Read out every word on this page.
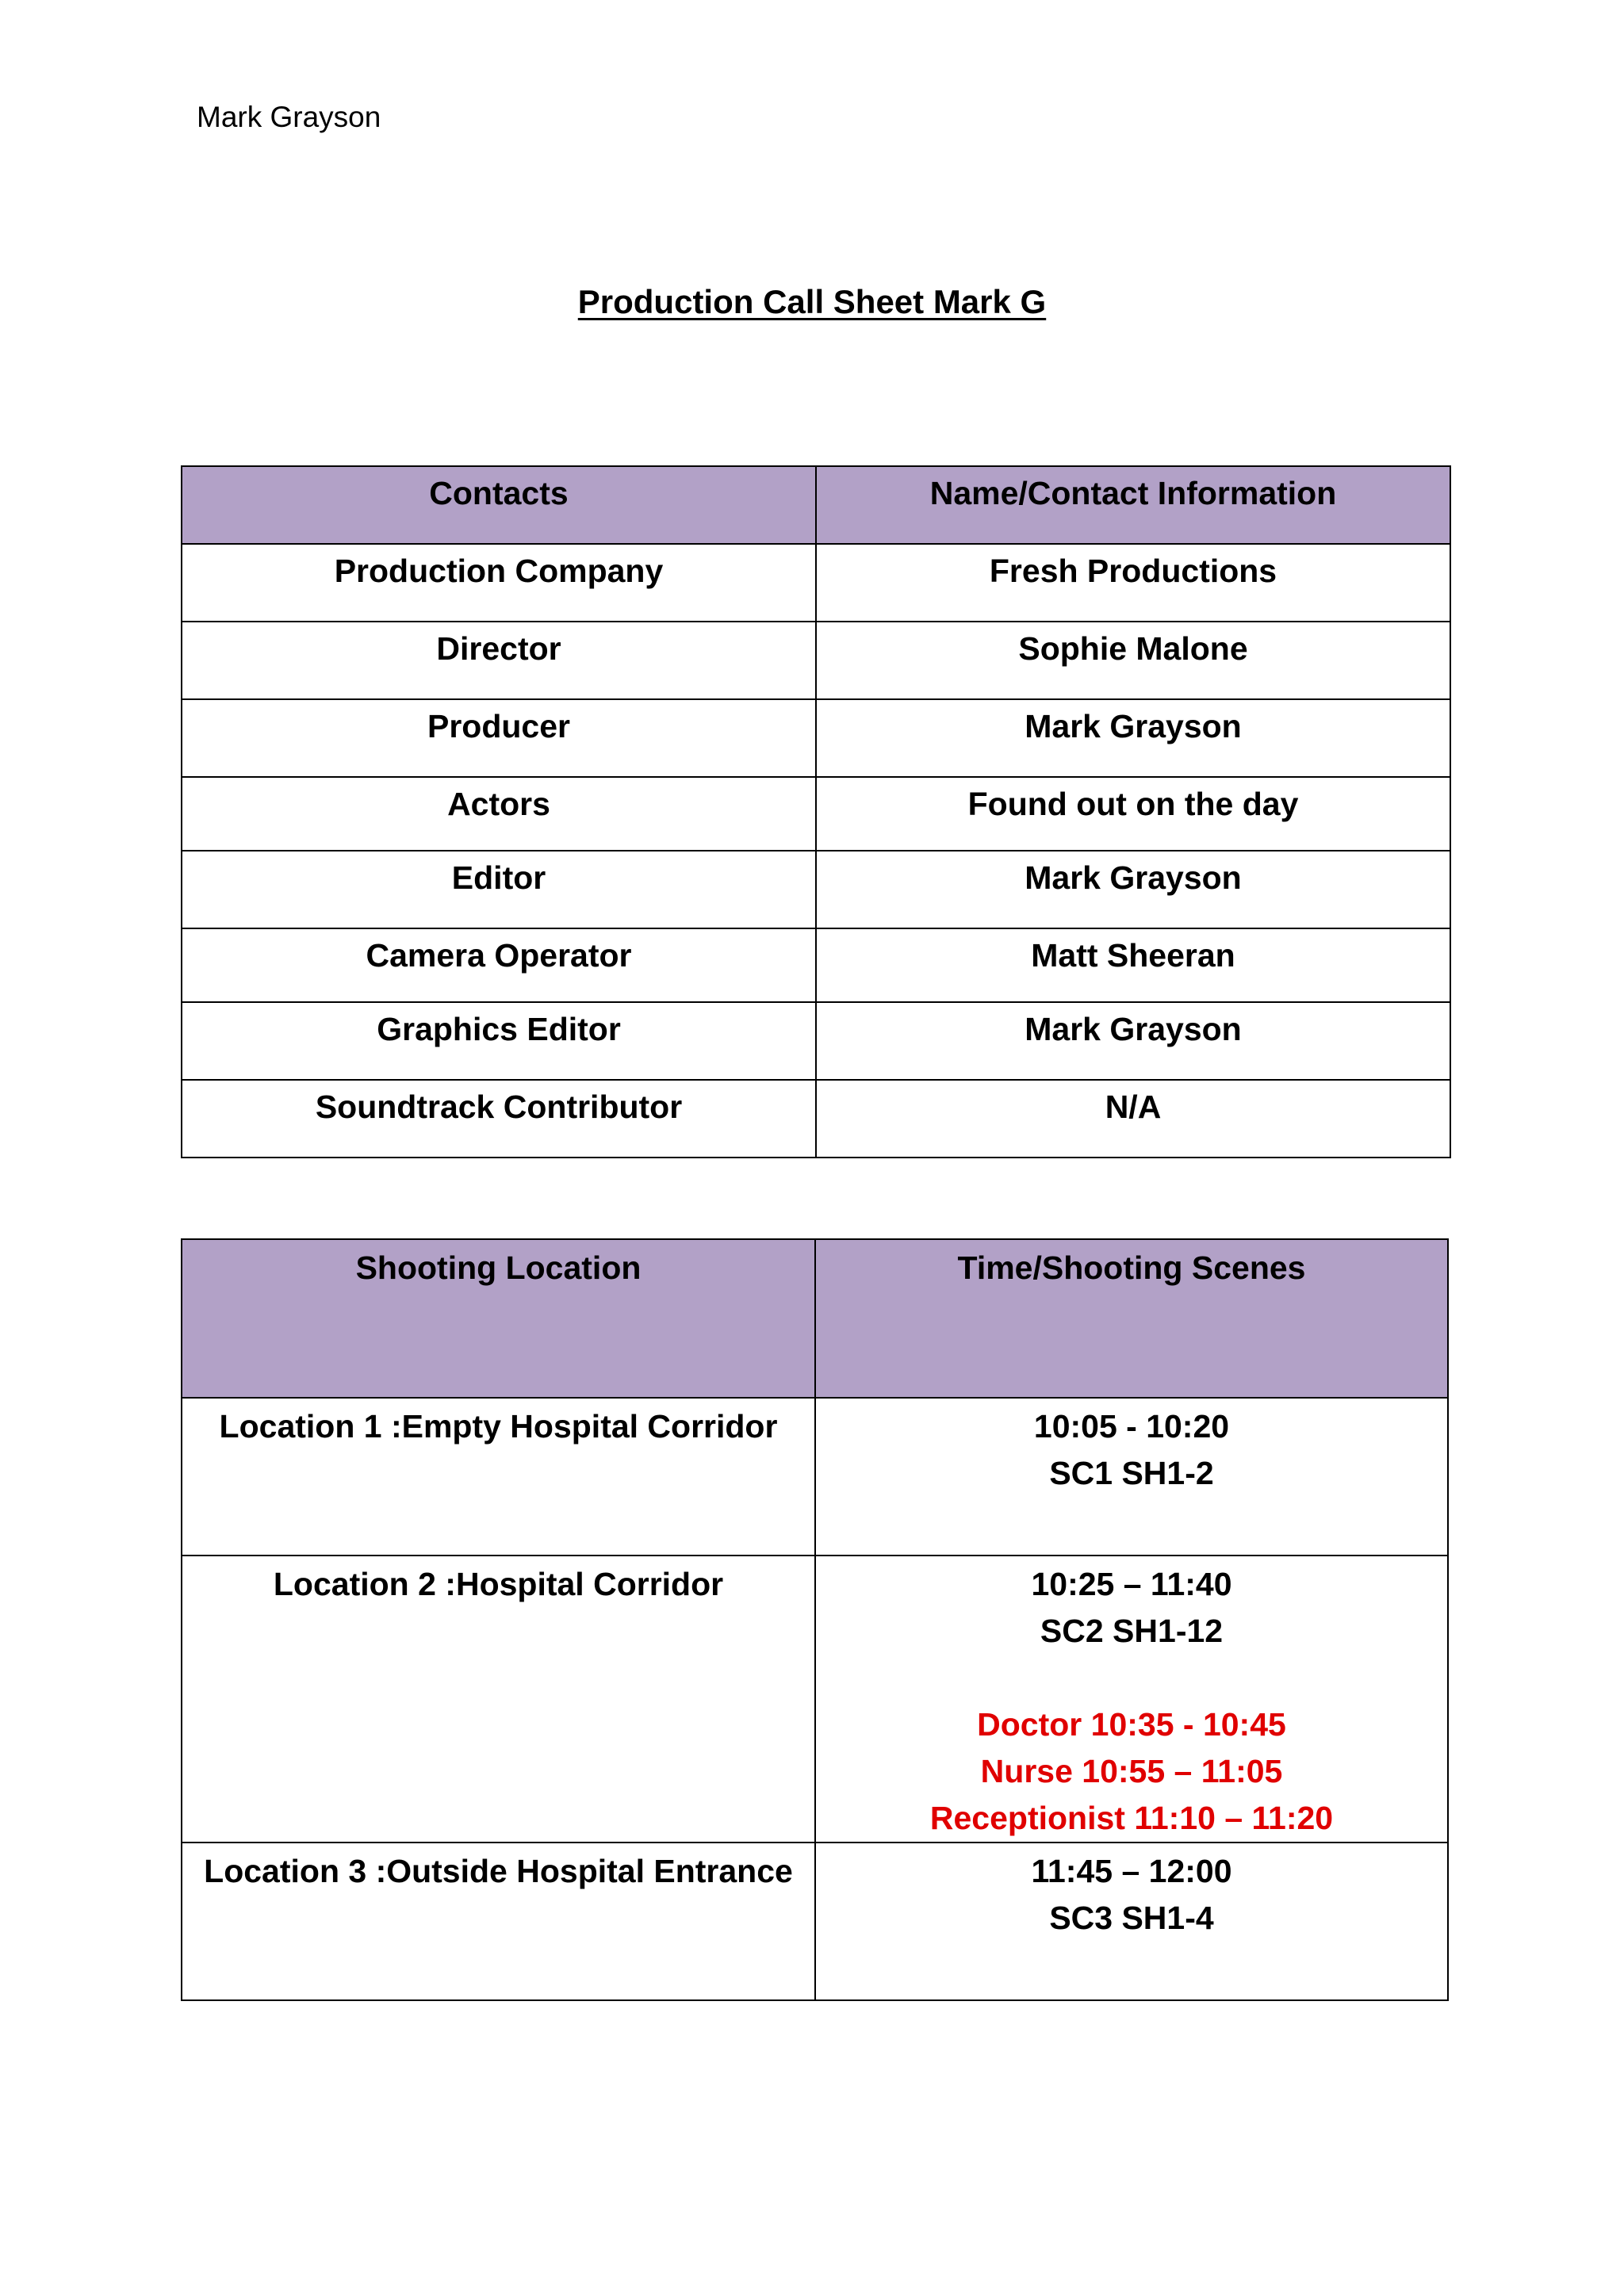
Mark Grayson
Production Call Sheet Mark G
Contacts	Name/Contact Information
Production Company	Fresh Productions
Director	Sophie Malone
Producer	Mark Grayson
Actors	Found out on the day
Editor	Mark Grayson
Camera Operator	Matt Sheeran
Graphics Editor	Mark Grayson
Soundtrack Contributor	N/A
Shooting Location	Time/Shooting Scenes
Location 1 :Empty Hospital Corridor	10:05 - 10:20
SC1 SH1-2

Location 2 :Hospital Corridor	10:25 – 11:40
SC2 SH1-12
Doctor 10:35 - 10:45
Nurse 10:55 – 11:05
Receptionist 11:10 – 11:20

Location 3 :Outside Hospital Entrance	11:45 – 12:00
SC3 SH1-4
